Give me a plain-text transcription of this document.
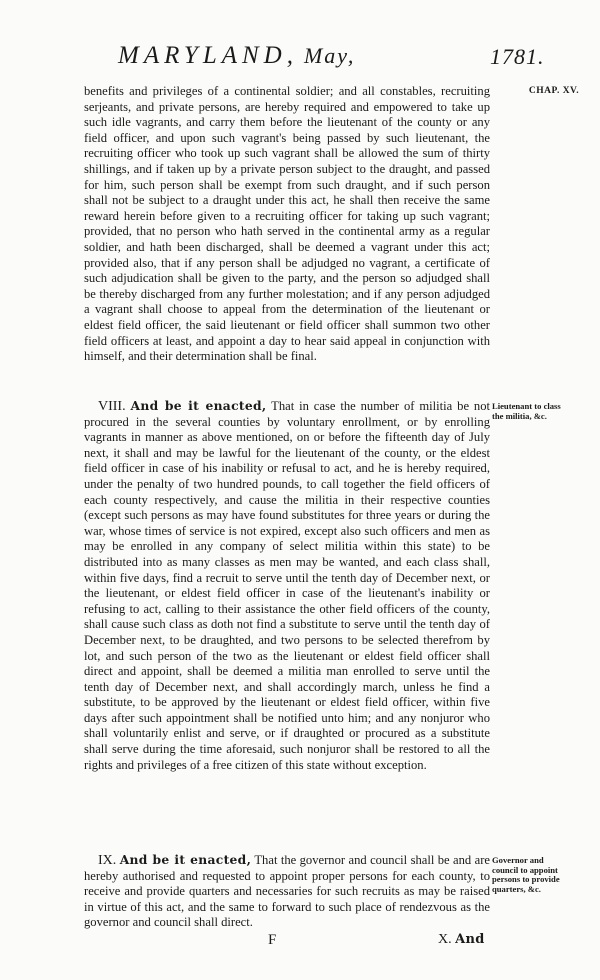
MARYLAND, May,	1781.
CHAP. XV.

benefits and privileges of a continental soldier; and all constables, recruiting serjeants, and private persons, are hereby required and empowered to take up such idle vagrants, and carry them before the lieutenant of the county or any field officer, and upon such vagrant's being passed by such lieutenant, the recruiting officer who took up such vagrant shall be allowed the sum of thirty shillings, and if taken up by a private person subject to the draught, and passed for him, such person shall be exempt from such draught, and if such person shall not be subject to a draught under this act, he shall then receive the same reward herein before given to a recruiting officer for taking up such vagrant; provided, that no person who hath served in the continental army as a regular soldier, and hath been discharged, shall be deemed a vagrant under this act; provided also, that if any person shall be adjudged no vagrant, a certificate of such adjudication shall be given to the party, and the person so adjudged shall be thereby discharged from any further molestation; and if any person adjudged a vagrant shall choose to appeal from the determination of the lieutenant or eldest field officer, the said lieutenant or field officer shall summon two other field officers at least, and appoint a day to hear said appeal in conjunction with himself, and their determination shall be final.

VIII. And be it enacted, That in case the number of militia be not procured in the several counties by voluntary enrollment, or by enrolling vagrants in manner as above mentioned, on or before the fifteenth day of July next, it shall and may be lawful for the lieutenant of the county, or the eldest field officer in case of his inability or refusal to act, and he is hereby required, under the penalty of two hundred pounds, to call together the field officers of each county respectively, and cause the militia in their respective counties (except such persons as may have found substitutes for three years or during the war, whose times of service is not expired, except also such officers and men as may be enrolled in any company of select militia within this state) to be distributed into as many classes as men may be wanted, and each class shall, within five days, find a recruit to serve until the tenth day of December next, or the lieutenant, or eldest field officer in case of the lieutenant's inability or refusing to act, calling to their assistance the other field officers of the county, shall cause such class as doth not find a substitute to serve until the tenth day of December next, to be draughted, and two persons to be selected therefrom by lot, and such person of the two as the lieutenant or eldest field officer shall direct and appoint, shall be deemed a militia man enrolled to serve until the tenth day of December next, and shall accordingly march, unless he find a substitute, to be approved by the lieutenant or eldest field officer, within five days after such appointment shall be notified unto him; and any nonjuror who shall voluntarily enlist and serve, or if draughted or procured as a substitute shall serve during the time aforesaid, such nonjuror shall be restored to all the rights and privileges of a free citizen of this state without exception.

Lieutenant to class the militia, &c.

IX. And be it enacted, That the governor and council shall be and are hereby authorised and requested to appoint proper persons for each county, to receive and provide quarters and necessaries for such recruits as may be raised in virtue of this act, and the same to forward to such place of rendezvous as the governor and council shall direct.

Governor and council to appoint persons to provide quarters, &c.
F	X. And
